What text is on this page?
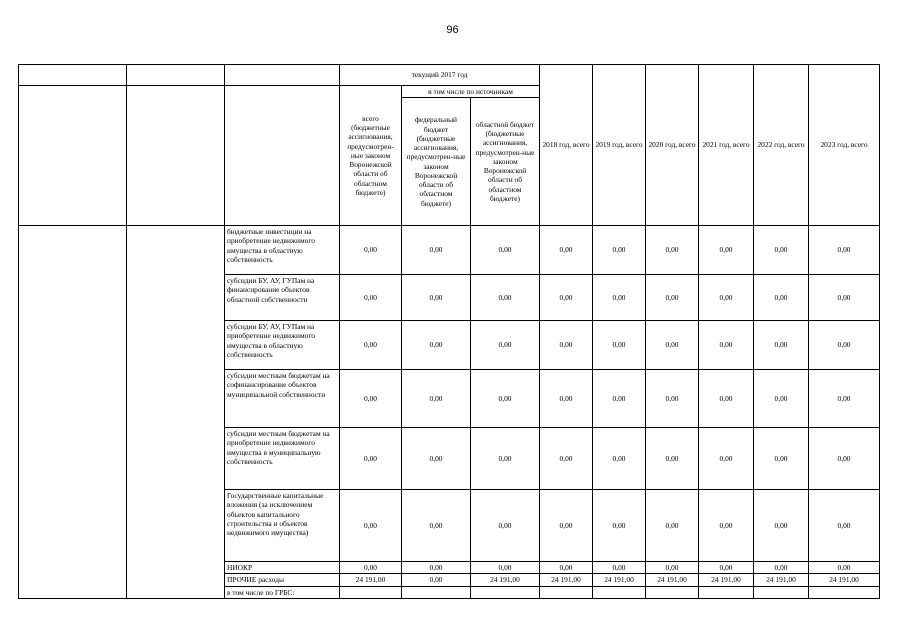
96
			текущий 2017 год			2018 год, всего	2019 год, всего	2020 год, всего	2021 год, всего	2022 год, всего	2023 год, всего
			всего (бюджетные ассигнования, предусмотрен-ные законом Воронежской области об областном бюджете)	в том числе по источникам							
				федеральный бюджет (бюджетные ассигнования, предусмотрен-ные законом Воронежской области об областном бюджете)	областной бюджет (бюджетные ассигнования, предусмотрен-ные законом Воронежской области об областном бюджете)						
		бюджетные инвестиции на приобретение недвижимого имущества в областную собственность	0,00	0,00	0,00	0,00	0,00	0,00	0,00	0,00	0,00
		субсидии БУ, АУ, ГУПам на финансирование объектов областной собственности	0,00	0,00	0,00	0,00	0,00	0,00	0,00	0,00	0,00
		субсидии БУ, АУ, ГУПам на приобретение недвижимого имущества в областную собственность	0,00	0,00	0,00	0,00	0,00	0,00	0,00	0,00	0,00
		субсидии местным бюджетам на софинансирование объектов муниципальной собственности	0,00	0,00	0,00	0,00	0,00	0,00	0,00	0,00	0,00
		субсидии местным бюджетам на приобретение недвижимого имущества в муниципальную собственность	0,00	0,00	0,00	0,00	0,00	0,00	0,00	0,00	0,00
		Государственные капитальные вложения (за исключением объектов капитального строительства и объектов недвижимого имущества)	0,00	0,00	0,00	0,00	0,00	0,00	0,00	0,00	0,00
		НИОКР	0,00	0,00	0,00	0,00	0,00	0,00	0,00	0,00	0,00
		ПРОЧИЕ расходы	24 191,00	0,00	24 191,00	24 191,00	24 191,00	24 191,00	24 191,00	24 191,00	24 191,00
		в том числе по ГРБС:									
